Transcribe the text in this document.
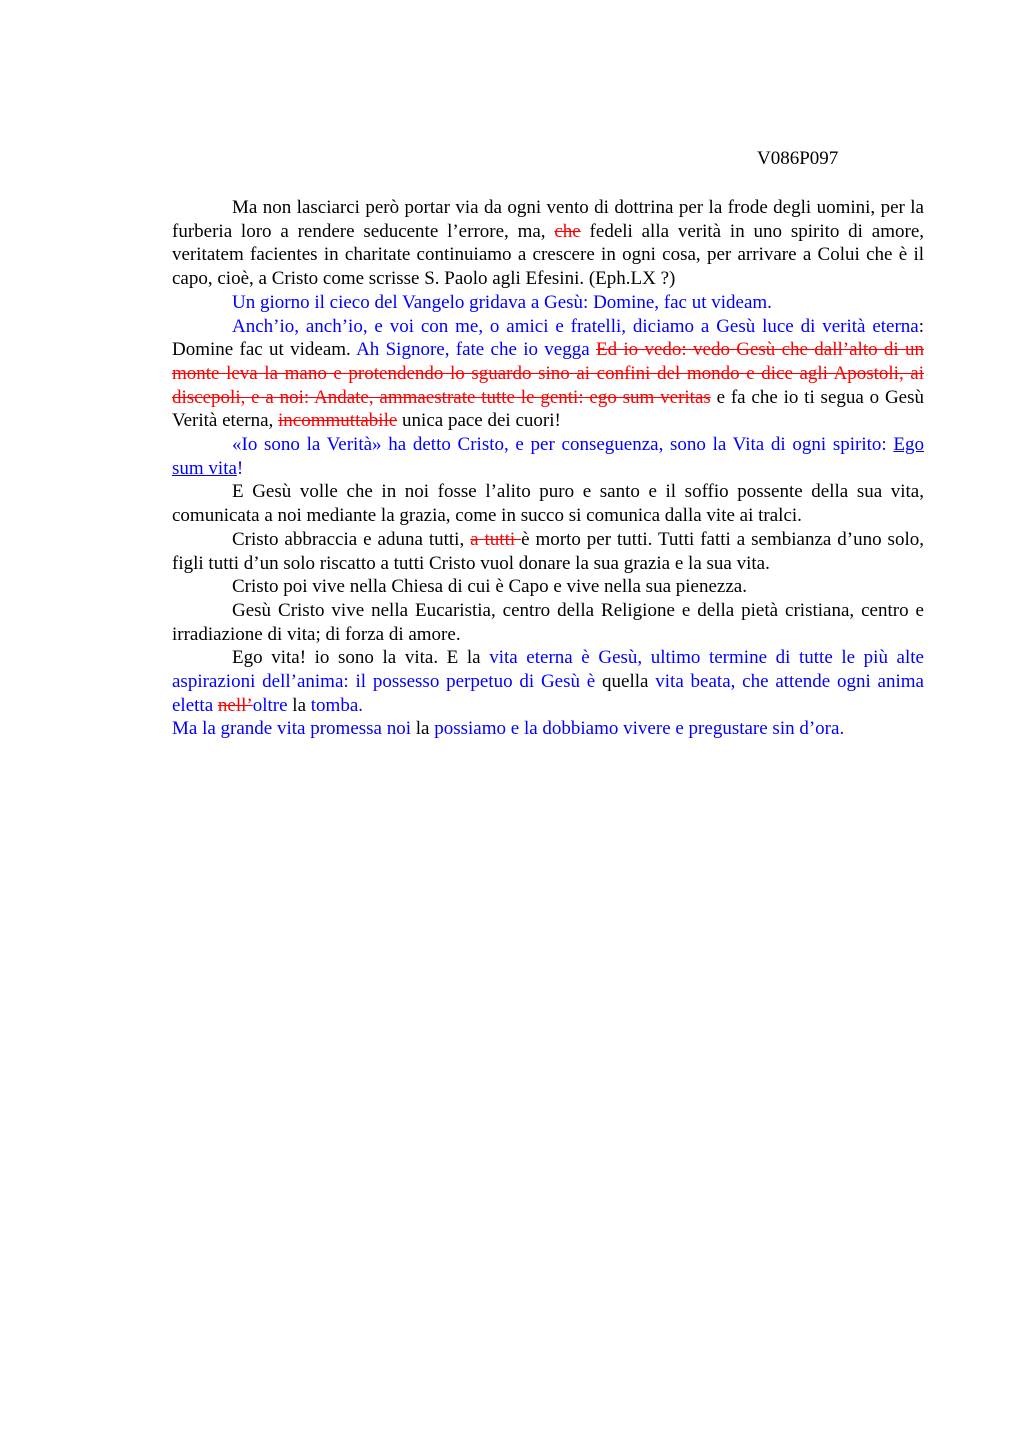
V086P097

Ma non lasciarci però portar via da ogni vento di dottrina per la frode degli uomini, per la furberia loro a rendere seducente l’errore, ma, che fedeli alla verità in uno spirito di amore, veritatem facientes in charitate continuiamo a crescere in ogni cosa, per arrivare a Colui che è il capo, cioè, a Cristo come scrisse S. Paolo agli Efesini. (Eph.LX ?)

Un giorno il cieco del Vangelo gridava a Gesù: Domine, fac ut videam.

Anch’io, anch’io, e voi con me, o amici e fratelli, diciamo a Gesù luce di verità eterna: Domine fac ut videam. Ah Signore, fate che io vegga Ed io vedo: vedo Gesù che dall’alto di un monte leva la mano e protendendo lo sguardo sino ai confini del mondo e dice agli Apostoli, ai discepoli, e a noi: Andate, ammaestrate tutte le genti: ego sum veritas e fa che io ti segua o Gesù Verità eterna, incommuttabile unica pace dei cuori!

«Io sono la Verità» ha detto Cristo, e per conseguenza, sono la Vita di ogni spirito: Ego sum vita!

E Gesù volle che in noi fosse l’alito puro e santo e il soffio possente della sua vita, comunicata a noi mediante la grazia, come in succo si comunica dalla vite ai tralci.

Cristo abbraccia e aduna tutti, a tutti è morto per tutti. Tutti fatti a sembianza d’uno solo, figli tutti d’un solo riscatto a tutti Cristo vuol donare la sua grazia e la sua vita.

Cristo poi vive nella Chiesa di cui è Capo e vive nella sua pienezza.

Gesù Cristo vive nella Eucaristia, centro della Religione e della pietà cristiana, centro e irradiazione di vita; di forza di amore.

Ego vita! io sono la vita. E la vita eterna è Gesù, ultimo termine di tutte le più alte aspirazioni dell’anima: il possesso perpetuo di Gesù è quella vita beata, che attende ogni anima eletta nell’oltre la tomba.

Ma la grande vita promessa noi la possiamo e la dobbiamo vivere e pregustare sin d’ora.
